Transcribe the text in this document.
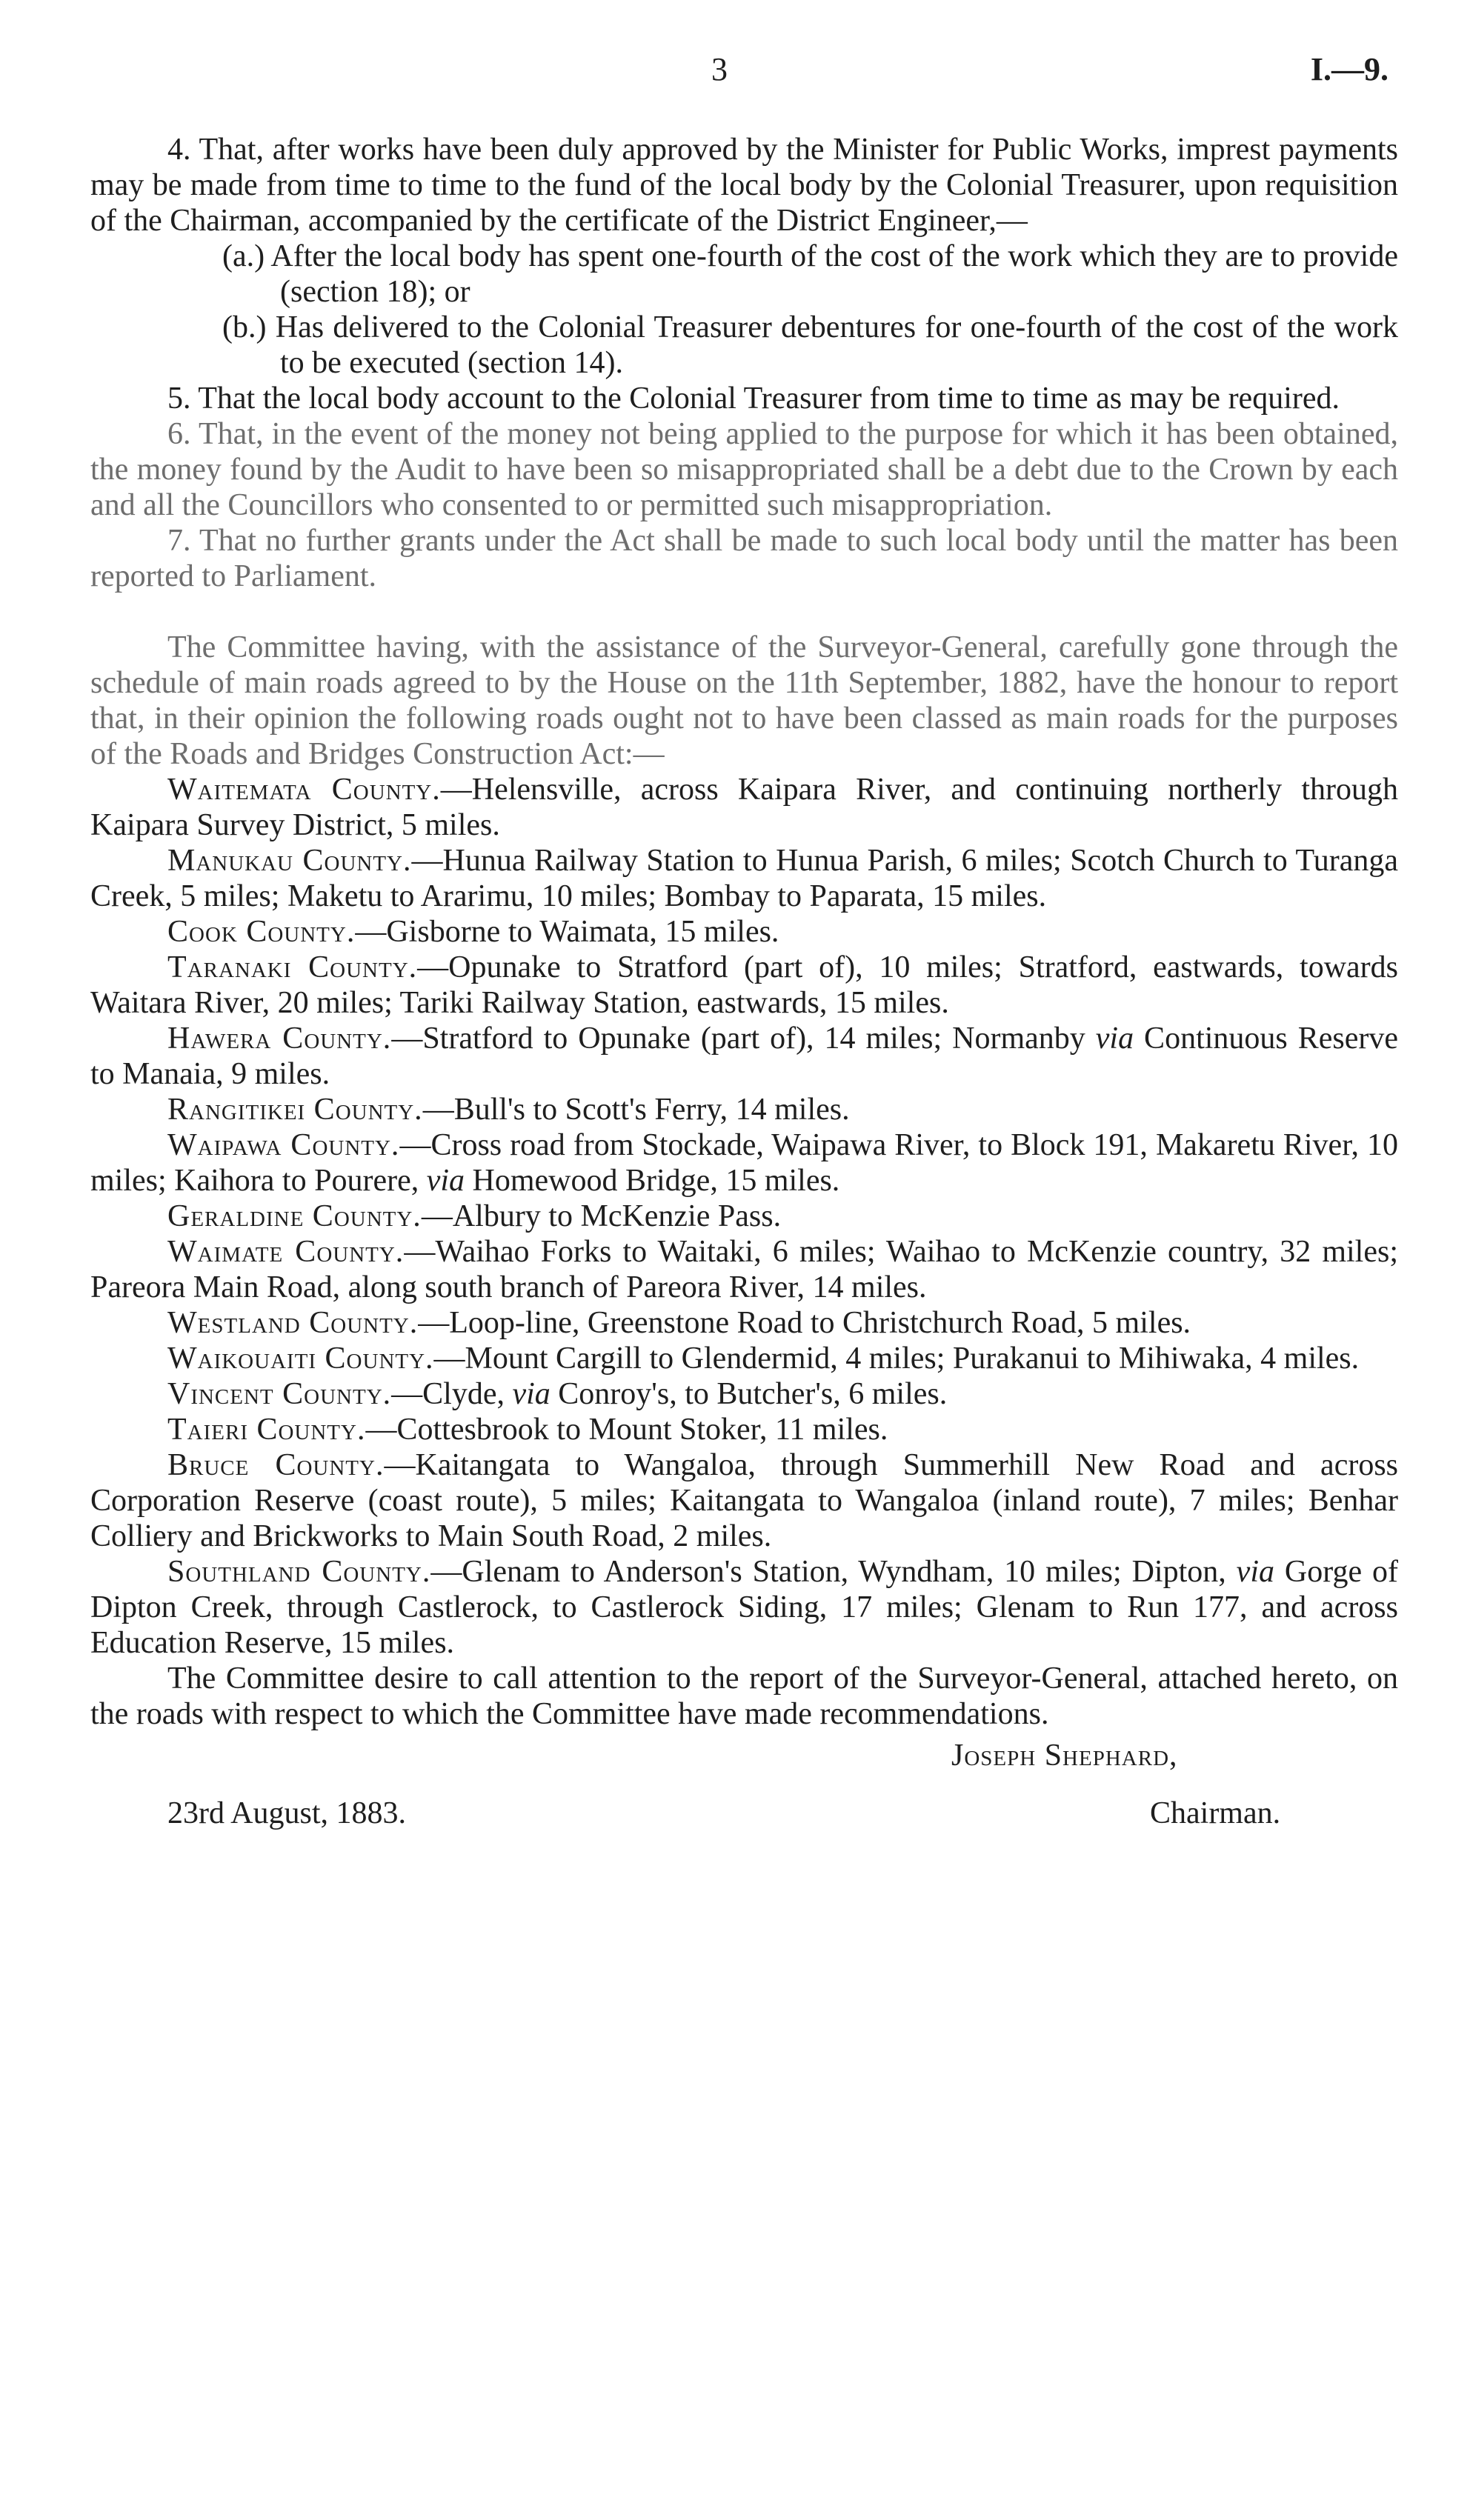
3	I.—9.

4. That, after works have been duly approved by the Minister for Public Works, imprest payments may be made from time to time to the fund of the local body by the Colonial Treasurer, upon requisition of the Chairman, accompanied by the certificate of the District Engineer,—

(a.) After the local body has spent one-fourth of the cost of the work which they are to provide (section 18); or

(b.) Has delivered to the Colonial Treasurer debentures for one-fourth of the cost of the work to be executed (section 14).

5. That the local body account to the Colonial Treasurer from time to time as may be required.

6. That, in the event of the money not being applied to the purpose for which it has been obtained, the money found by the Audit to have been so misappropriated shall be a debt due to the Crown by each and all the Councillors who consented to or permitted such misappropriation.

7. That no further grants under the Act shall be made to such local body until the matter has been reported to Parliament.

The Committee having, with the assistance of the Surveyor-General, carefully gone through the schedule of main roads agreed to by the House on the 11th September, 1882, have the honour to report that, in their opinion the following roads ought not to have been classed as main roads for the purposes of the Roads and Bridges Construction Act:—

Waitemata County.—Helensville, across Kaipara River, and continuing northerly through Kaipara Survey District, 5 miles.

Manukau County.—Hunua Railway Station to Hunua Parish, 6 miles; Scotch Church to Turanga Creek, 5 miles; Maketu to Ararimu, 10 miles; Bombay to Paparata, 15 miles.

Cook County.—Gisborne to Waimata, 15 miles.

Taranaki County.—Opunake to Stratford (part of), 10 miles; Stratford, eastwards, towards Waitara River, 20 miles; Tariki Railway Station, eastwards, 15 miles.

Hawera County.—Stratford to Opunake (part of), 14 miles; Normanby via Continuous Reserve to Manaia, 9 miles.

Rangitikei County.—Bull's to Scott's Ferry, 14 miles.

Waipawa County.—Cross road from Stockade, Waipawa River, to Block 191, Makaretu River, 10 miles; Kaihora to Pourere, via Homewood Bridge, 15 miles.

Geraldine County.—Albury to McKenzie Pass.

Waimate County.—Waihao Forks to Waitaki, 6 miles; Waihao to McKenzie country, 32 miles; Pareora Main Road, along south branch of Pareora River, 14 miles.

Westland County.—Loop-line, Greenstone Road to Christchurch Road, 5 miles.

Waikouaiti County.—Mount Cargill to Glendermid, 4 miles; Purakanui to Mihiwaka, 4 miles.

Vincent County.—Clyde, via Conroy's, to Butcher's, 6 miles.

Taieri County.—Cottesbrook to Mount Stoker, 11 miles.

Bruce County.—Kaitangata to Wangaloa, through Summerhill New Road and across Corporation Reserve (coast route), 5 miles; Kaitangata to Wangaloa (inland route), 7 miles; Benhar Colliery and Brickworks to Main South Road, 2 miles.

Southland County.—Glenam to Anderson's Station, Wyndham, 10 miles; Dipton, via Gorge of Dipton Creek, through Castlerock, to Castlerock Siding, 17 miles; Glenam to Run 177, and across Education Reserve, 15 miles.

The Committee desire to call attention to the report of the Surveyor-General, attached hereto, on the roads with respect to which the Committee have made recommendations.

Joseph Shephard,
23rd August, 1883.	Chairman.
